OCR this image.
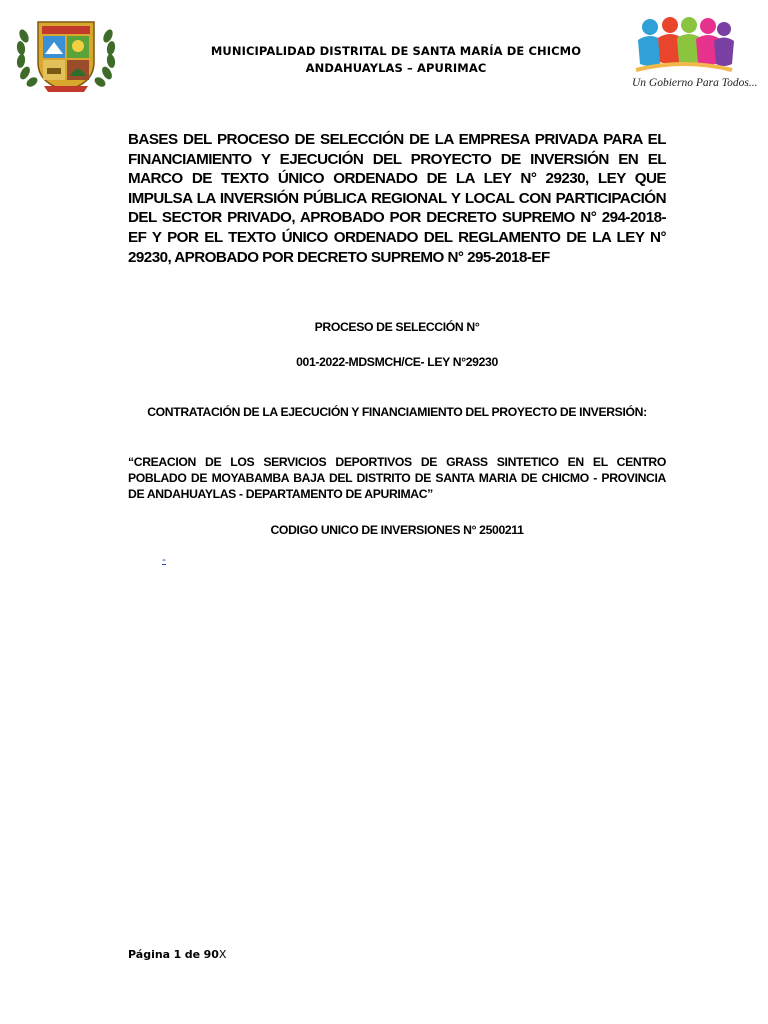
MUNICIPALIDAD DISTRITAL DE SANTA MARÍA DE CHICMO
ANDAHUAYLAS – APURIMAC
Un Gobierno Para Todos...
BASES DEL PROCESO DE SELECCIÓN DE LA EMPRESA PRIVADA PARA EL FINANCIAMIENTO Y EJECUCIÓN DEL PROYECTO DE INVERSIÓN EN EL MARCO DE TEXTO ÚNICO ORDENADO DE LA LEY N° 29230, LEY QUE IMPULSA LA INVERSIÓN PÚBLICA REGIONAL Y LOCAL CON PARTICIPACIÓN DEL SECTOR PRIVADO, APROBADO POR DECRETO SUPREMO N° 294-2018-EF Y POR EL TEXTO ÚNICO ORDENADO DEL REGLAMENTO DE LA LEY N° 29230, APROBADO POR DECRETO SUPREMO N° 295-2018-EF
PROCESO DE SELECCIÓN N°
001-2022-MDSMCH/CE- LEY N°29230
CONTRATACIÓN DE LA EJECUCIÓN Y FINANCIAMIENTO DEL PROYECTO DE INVERSIÓN:
“CREACION DE LOS SERVICIOS DEPORTIVOS DE GRASS SINTETICO EN EL CENTRO POBLADO DE MOYABAMBA BAJA DEL DISTRITO DE SANTA MARIA DE CHICMO - PROVINCIA DE ANDAHUAYLAS - DEPARTAMENTO DE APURIMAC”
CODIGO UNICO DE INVERSIONES N° 2500211
-
Página 1 de 90X
